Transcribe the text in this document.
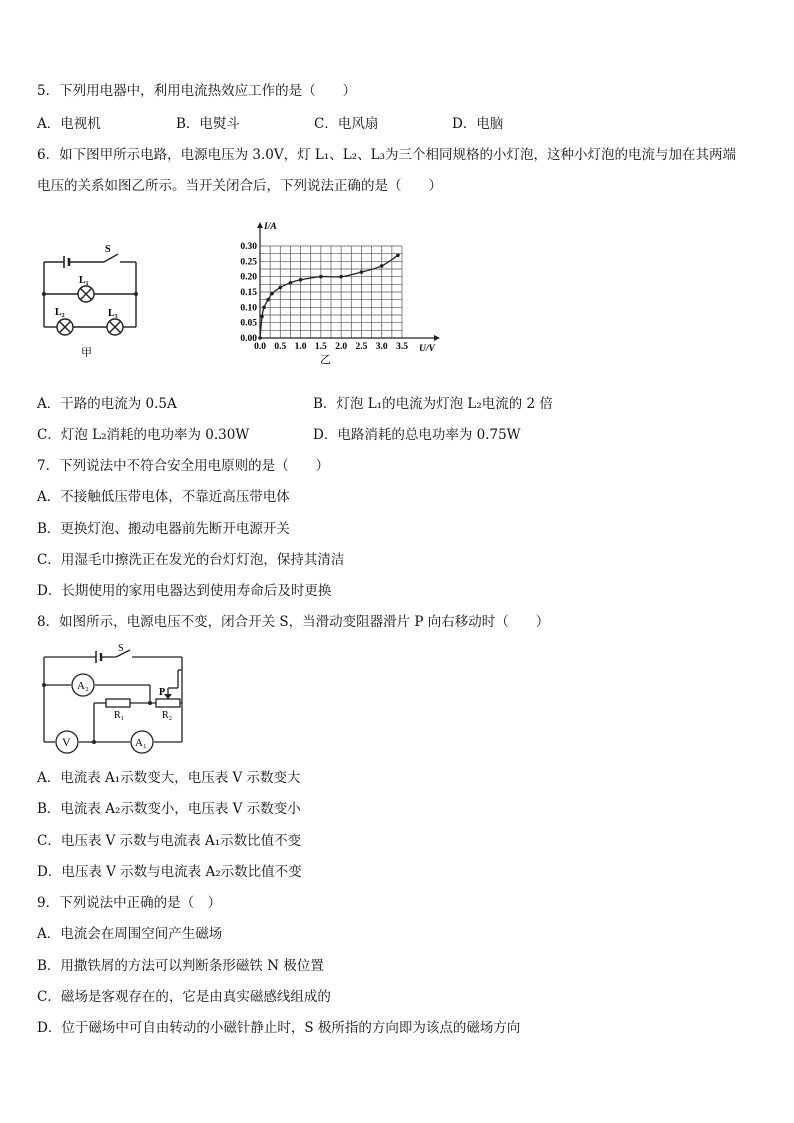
5．下列用电器中，利用电流热效应工作的是（　　）
A．电视机	B．电熨斗	C．电风扇	D．电脑
6．如下图甲所示电路，电源电压为 3.0V，灯 L₁、L₂、L₃为三个相同规格的小灯泡，这种小灯泡的电流与加在其两端
电压的关系如图乙所示。当开关闭合后，下列说法正确的是（　　）
S
L₁
L₂	L₃
甲	0.0 0.5 1.0 1.5 2.0 2.5 3.0 3.5
0.00
0.05
0.10
0.15
0.20
0.25
0.30
U/V
I/A
乙
A．干路的电流为 0.5A	B．灯泡 L₁的电流为灯泡 L₂电流的 2 倍
C．灯泡 L₂消耗的电功率为 0.30W	D．电路消耗的总电功率为 0.75W
7．下列说法中不符合安全用电原则的是（　　）
A．不接触低压带电体，不靠近高压带电体
B．更换灯泡、搬动电器前先断开电源开关
C．用湿毛巾擦洗正在发光的台灯灯泡，保持其清洁
D．长期使用的家用电器达到使用寿命后及时更换
8．如图所示，电源电压不变，闭合开关 S，当滑动变阻器滑片 P 向右移动时（　　）
S
A₂
P
R₁	R₂
V	A₁
A．电流表 A₁示数变大，电压表 V 示数变大
B．电流表 A₂示数变小，电压表 V 示数变小
C．电压表 V 示数与电流表 A₁示数比值不变
D．电压表 V 示数与电流表 A₂示数比值不变
9．下列说法中正确的是（　）
A．电流会在周围空间产生磁场
B．用撒铁屑的方法可以判断条形磁铁 N 极位置
C．磁场是客观存在的，它是由真实磁感线组成的
D．位于磁场中可自由转动的小磁针静止时，S 极所指的方向即为该点的磁场方向
